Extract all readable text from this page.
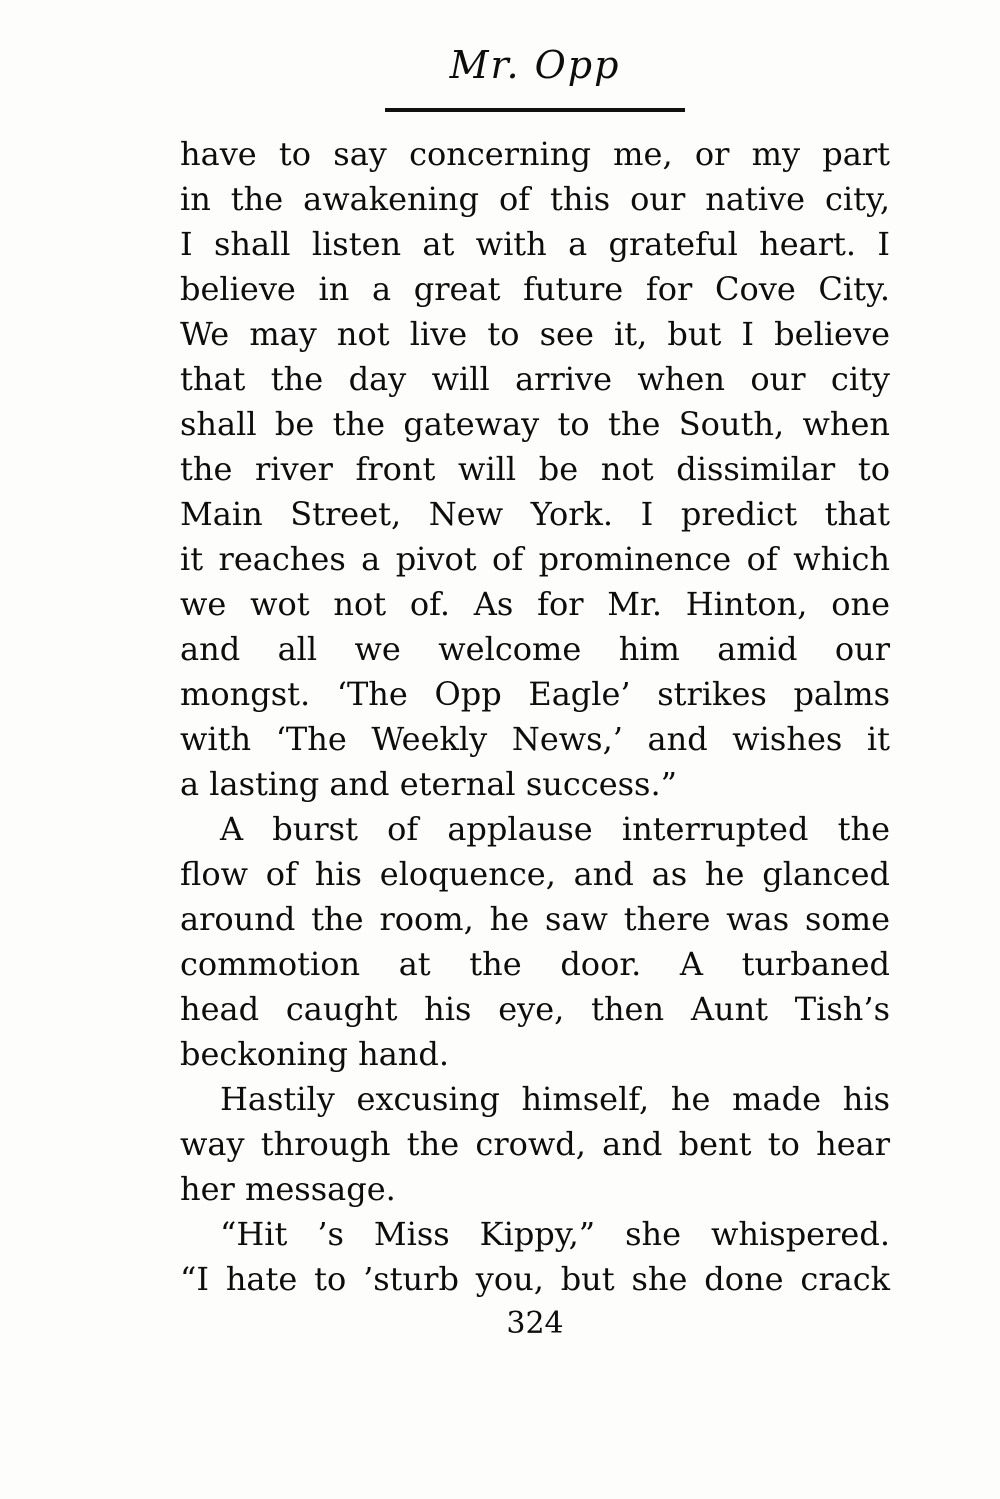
Mr. Opp
have to say concerning me, or my part
in the awakening of this our native city,
I shall listen at with a grateful heart. I
believe in a great future for Cove City.
We may not live to see it, but I believe
that the day will arrive when our city
shall be the gateway to the South, when
the river front will be not dissimilar to
Main Street, New York. I predict that
it reaches a pivot of prominence of which
we wot not of. As for Mr. Hinton, one
and all we welcome him amid our
mongst. ‘The Opp Eagle’ strikes palms
with ‘The Weekly News,’ and wishes it
a lasting and eternal success.”
A burst of applause interrupted the
flow of his eloquence, and as he glanced
around the room, he saw there was some
commotion at the door. A turbaned
head caught his eye, then Aunt Tish’s
beckoning hand.
Hastily excusing himself, he made his
way through the crowd, and bent to hear
her message.
“Hit ’s Miss Kippy,” she whispered.
“I hate to ’sturb you, but she done crack
324
